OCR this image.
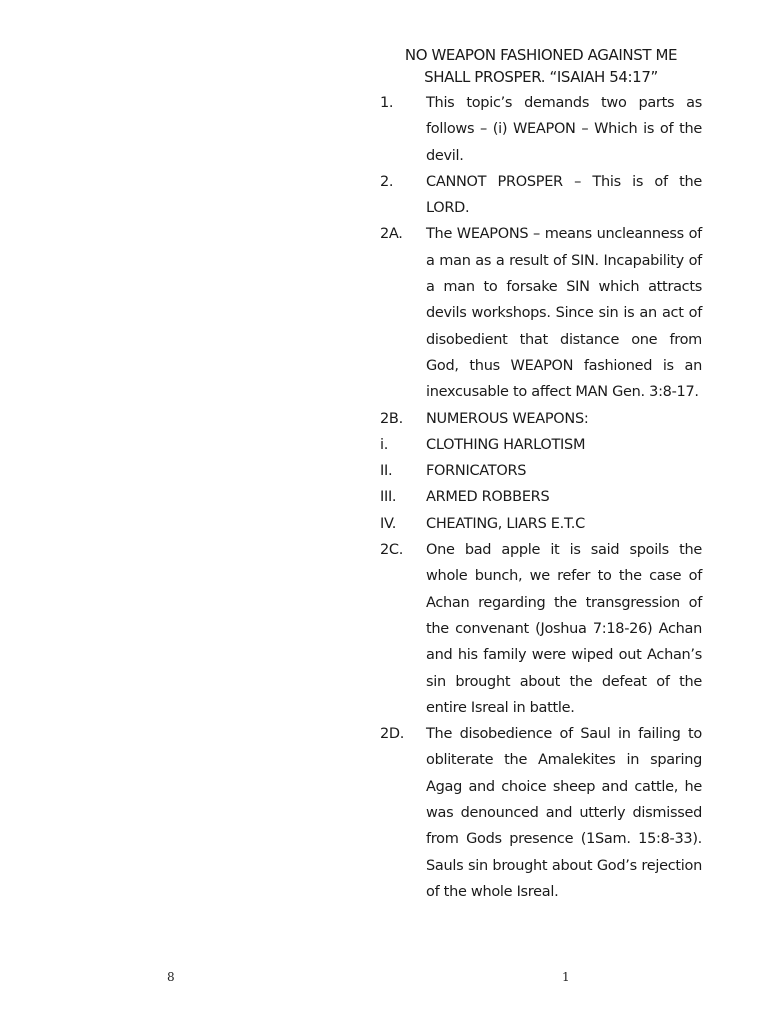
NO WEAPON FASHIONED AGAINST ME
SHALL PROSPER. “ISAIAH 54:17”
1.	This topic’s demands two parts as follows – (i) WEAPON – Which is of the devil.
2.	CANNOT PROSPER – This is of the LORD.
2A.	The WEAPONS – means uncleanness of a man as a result of SIN. Incapability of a man to forsake SIN which attracts devils workshops. Since sin is an act of disobedient that distance one from God, thus WEAPON fashioned is an inexcusable to affect MAN Gen. 3:8-17.
2B.	NUMEROUS WEAPONS:
i.	CLOTHING HARLOTISM
II.	FORNICATORS
III.	ARMED ROBBERS
IV.	CHEATING, LIARS E.T.C
2C.	One bad apple it is said spoils the whole bunch, we refer to the case of Achan regarding the transgression of the convenant (Joshua 7:18-26) Achan and his family were wiped out Achan’s sin brought about the defeat of the entire Isreal in battle.
2D.	The disobedience of Saul in failing to obliterate the Amalekites in sparing Agag and choice sheep and cattle, he was denounced and utterly dismissed from Gods presence (1Sam. 15:8-33). Sauls sin brought about God’s rejection of the whole Isreal.
8	1
